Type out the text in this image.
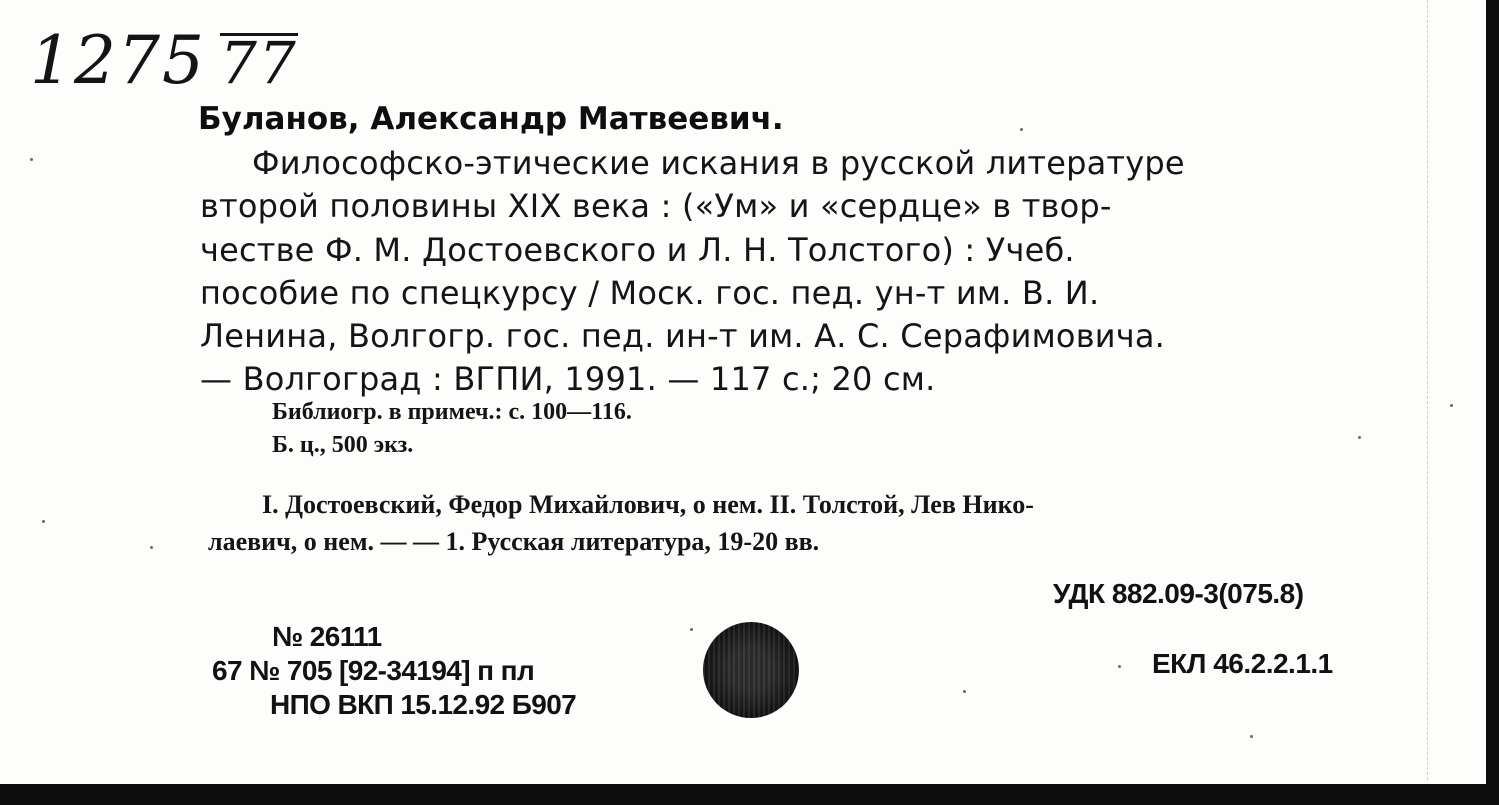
1275 77
Буланов, Александр Матвеевич.
Философско-этические искания в русской литературе
второй половины XIX века : («Ум» и «сердце» в твор-
честве Ф. М. Достоевского и Л. Н. Толстого) : Учеб.
пособие по спецкурсу / Моск. гос. пед. ун-т им. В. И.
Ленина, Волгогр. гос. пед. ин-т им. А. С. Серафимовича.
— Волгоград : ВГПИ, 1991. — 117 с.; 20 см.
Библиогр. в примеч.: с. 100—116.
Б. ц., 500 экз.
I. Достоевский, Федор Михайлович, о нем. II. Толстой, Лев Нико-
лаевич, о нем. — — 1. Русская литература, 19-20 вв.
УДК 882.09-3(075.8)
ЕКЛ 46.2.2.1.1
№ 26111
67 № 705 [92-34194] п пл
НПО ВКП 15.12.92 Б907
